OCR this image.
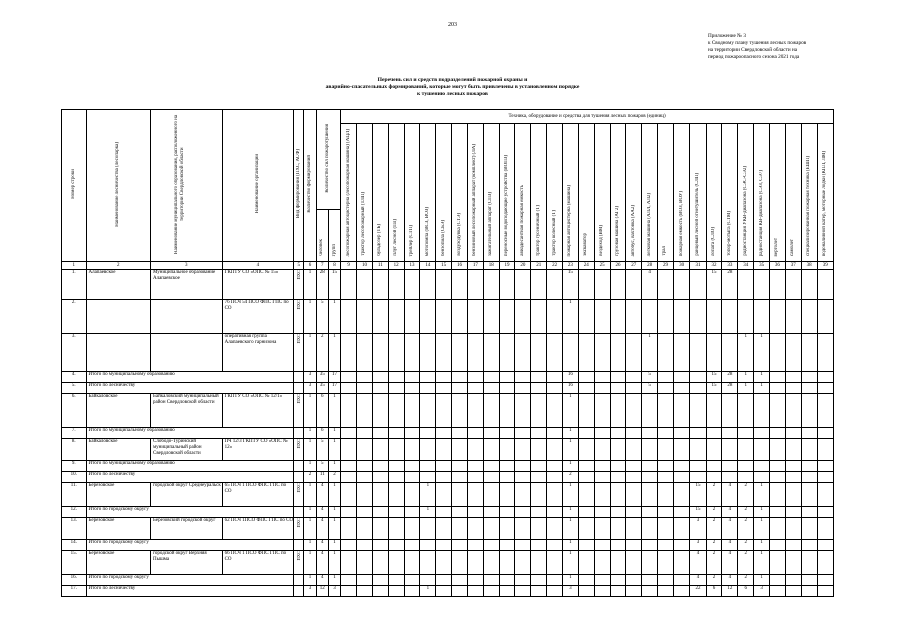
203
Приложение № 3
к Сводному плану тушения лесных пожаров
на территории Свердловской области на
период пожароопасного сезона 2021 года
Перечень сил и средств подразделений пожарной охраны и
аварийно-спасательных формирований, которые могут быть привлечены в установленном порядке
к тушению лесных пожаров
Номер строки	Наименование лесничества (лесопарка)	Наименование муниципального образования, расположенного на территории Свердловской области	Наименование организации	Вид формирования (ПХС, АСФ)	Количество формирований	Количество сил пожаротушения		Техника, оборудование и средства для тушения лесных пожаров (единиц)																														
								лесопожарная автоцистерна (лесопожарная машина) (АЦЛ)	трактор лесопожарный (ТЛП)	бульдозер (ТБ)	плуг лесной (Пл)	трейлер (СТП)	мотопомпа (ВСЗ, ВОЗ)	бензопила (СБЭ)	воздуходувка (СТЭ)	бензиновый лесопожарный аппарат (комплект) (ЛА)	зажигательный аппарат (СПЗ)	переносные водоподающие устройства (ВОПЗ)	авиадесантная пожарная емкость	трактор гусеничный (Т)	трактор колесный (Т)	пожарная автоцистерна (машина)	экскаватор	вездеход (ВМ)	грузовая машина (АГ2)	автобус, вахтовка (АА2)	легковая машина (АЛЛ, АЛ2)	трал	пожарная емкость (ВОЗ, ВОУ)	ранцевый лесной огнетушитель (СЛП)	лопата (СЛО)	топор-мотыга (СТМ)	радиостанция УКВ-диапазона (СЭС-СЭ2)	радиостанция КВ-диапазона (СЭЗ, СЭ7)	вертолет	самолет	специализированная пожарная техника (ЕШП)	водоналивной катер, моторные лодки (КПЛ, ЛМ)
						человек	групп																															
1	2	3	4	5	6	7	8	9	10	11	12	13	14	15	16	17	18	19	20	21	22	23	24	25	26	27	28	29	30	31	32	33	34	35	36	37	38	39
1.	Алапаевское	Муниципальное образование Алапаевское	ГКПТУ СО «ОПС № 15»	ПХС	1	28	15															15					4				15	28						
2.			76 ПСЧ 54 ПСО ФПС ГПС по СО	ПХС	1	5	1															1																
3.			оперативная группа Алапаевского гарнизона	ПХС	1	2	1																				1						1	1				
4.	Итого по муниципальному образованию				3	35	17															16					5				15	28	1	1				
5.	Итого по лесничеству				3	35	17															16					5				15	28	1	1				
6.	Байкаловское	Байкаловский муниципальный район Свердловской области	ГКПТУ СО «ОПС № 12/1»	ПХС	1	6	1															1																
7.	Итого по муниципальному образованию				1	6	1															1																
8.	Байкаловское	Слободо-Туринский муниципальный район Свердловской области	ПЧ 12/3 ГКПТУ СО «ОПС № 12»	ПХС	1	5	1															1																
9.	Итого по муниципальному образованию				1	5	1															1																
10.	Итого по лесничеству				2	11	2															2																
11.	Березовское	городской округ Среднеуральск	65 ПСЧ 1 ПСО ФПС ГПС по СО	ПХС	1	4	1						1									1								15	2	4	2	1				
12.	Итого по городскому округу				1	4	1						1									1								15	2	4	2	1				
13.	Березовское	Березовский городской округ	62 ПСЧ 1ПСО ФПС ГПС по СО	ПХС	1	4	1															1								3	2	4	2	1				
14.	Итого по городскому округу				1	4	1															1								3	2	4	2	1				
15.	Березовское	городской округ Верхняя Пышма	66 ПСЧ 1 ПСО ФПС ГПС по СО	ПХС	1	4	1															1								4	2	4	2	1				
16.	Итого по городскому округу				1	4	1															1								4	2	4	2	1				
17.	Итого по лесничеству				3	12	3						1									3								22	6	12	6	3				
